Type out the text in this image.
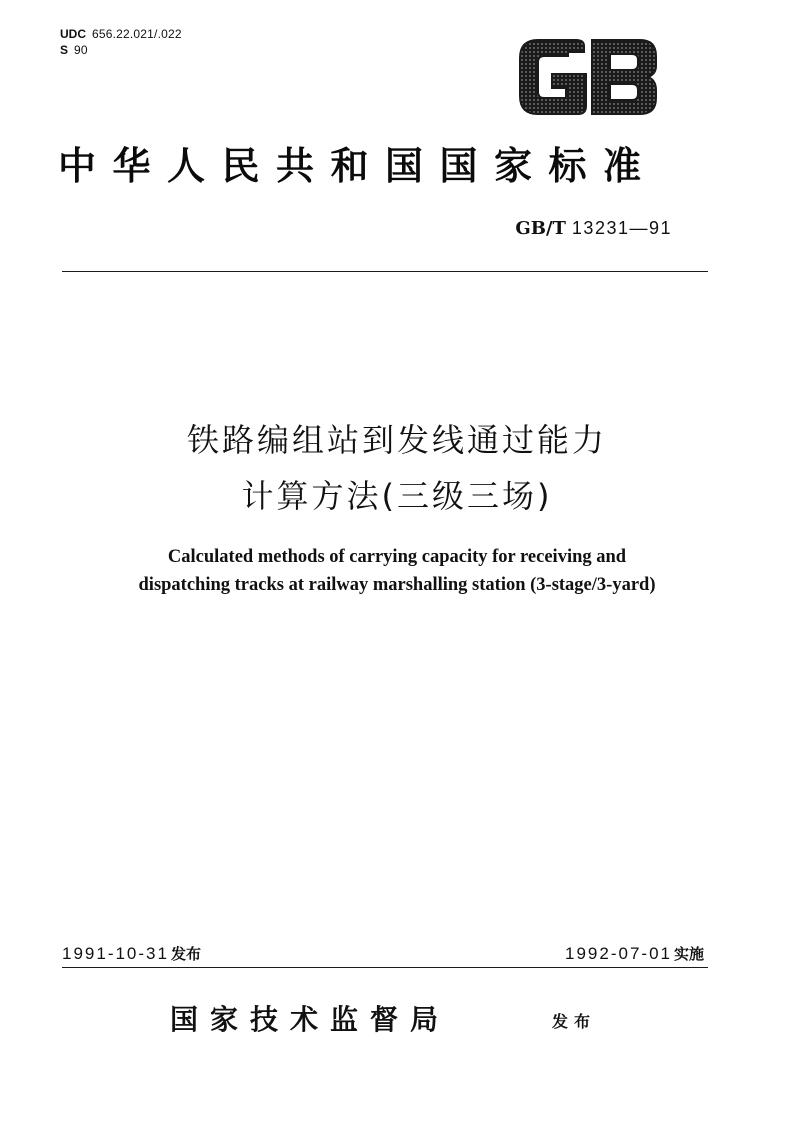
UDC 656.22.021/.022
S 90
中华人民共和国国家标准
GB/T 13231—91
铁路编组站到发线通过能力
计算方法(三级三场)
Calculated methods of carrying capacity for receiving and
dispatching tracks at railway marshalling station (3-stage/3-yard)
1991-10-31 发布	1992-07-01 实施
国家技术监督局	发布
